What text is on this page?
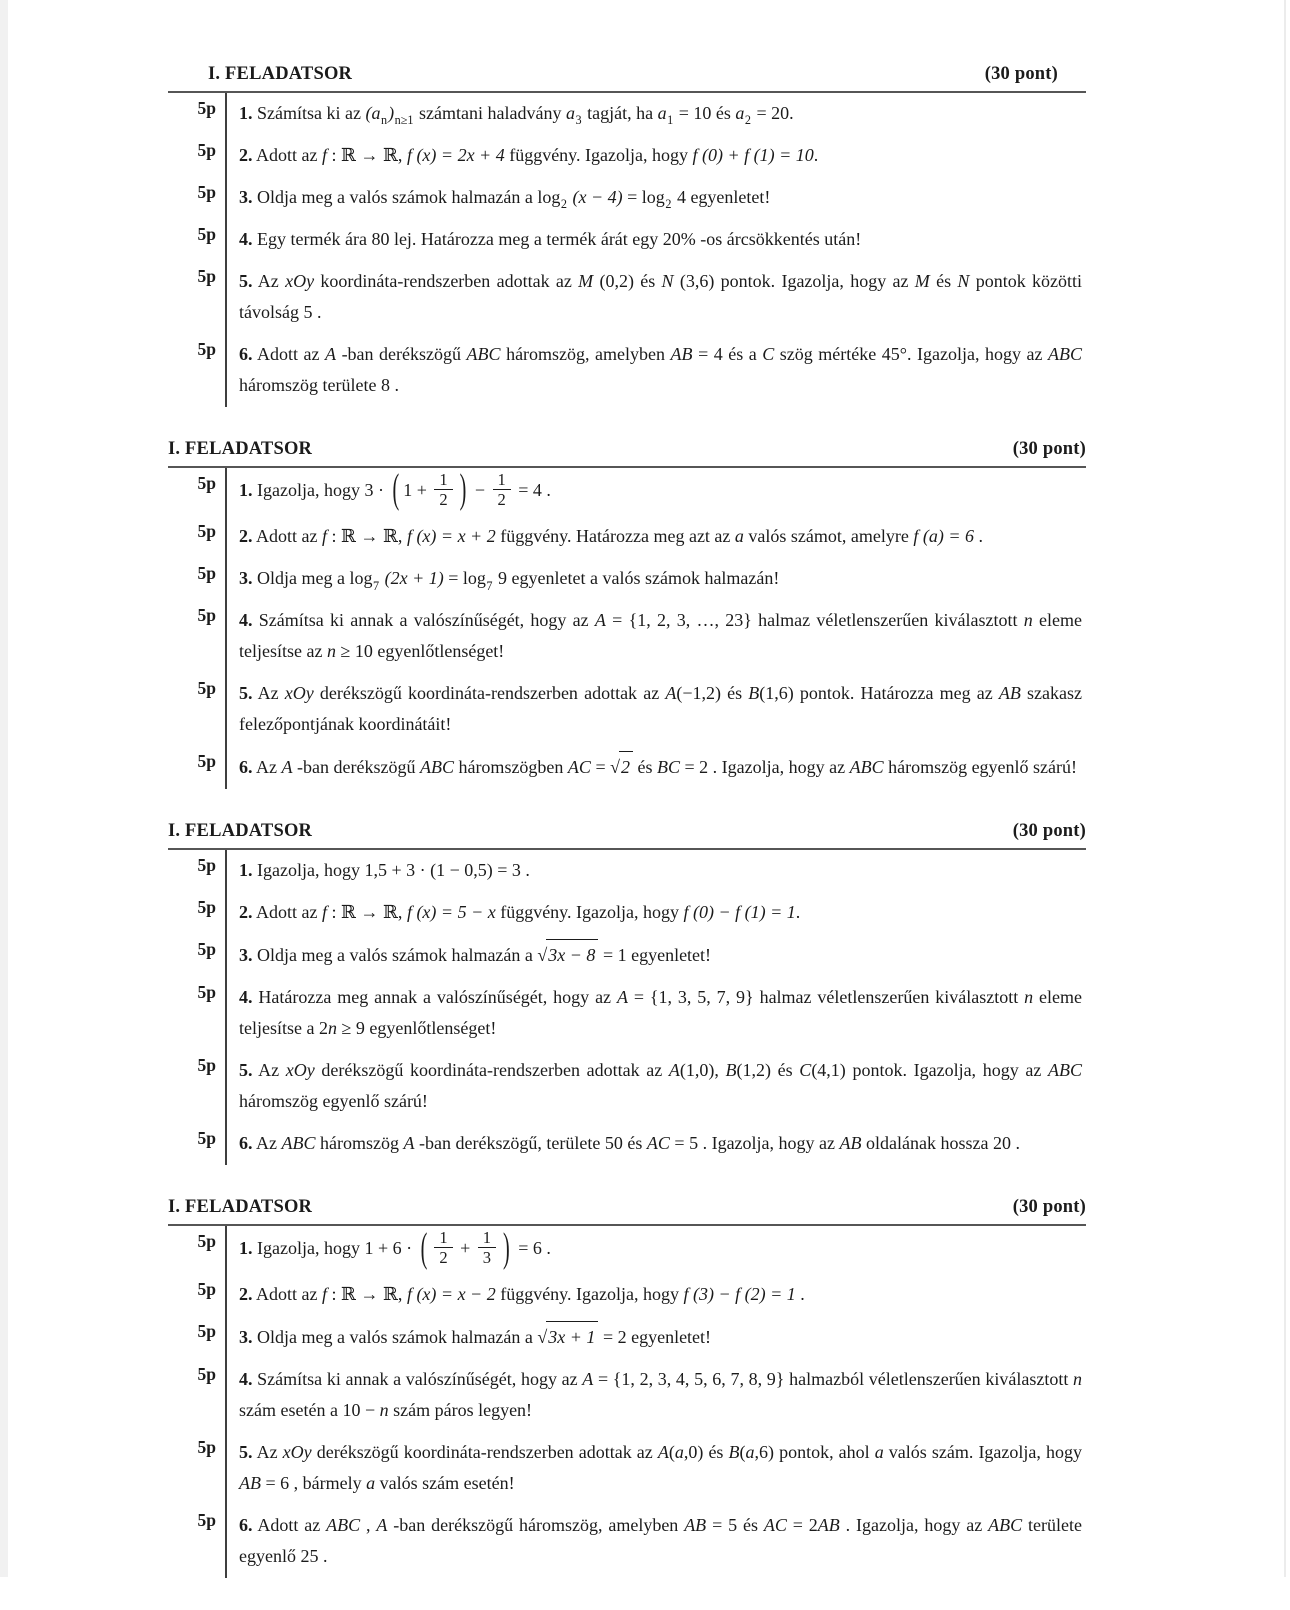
I. FELADATSOR	(30 pont)
5p	1. Számítsa ki az $(a_n)_{n\ge 1}$ számtani haladvány $a_3$ tagját, ha $a_1 = 10$ és $a_2 = 20$.
5p	2. Adott az f : ℝ → ℝ, f (x) = 2x + 4 függvény. Igazolja, hogy f (0) + f (1) = 10.
5p	3. Oldja meg a valós számok halmazán a $\log_2 (x - 4) = \log_2 4$ egyenletet!
5p	4. Egy termék ára 80 lej. Határozza meg a termék árát egy 20% -os árcsökkentés után!
5p	5. Az xOy koordináta-rendszerben adottak az M (0,2) és N (3,6) pontok. Igazolja, hogy az M és N pontok közötti távolság 5 .
5p	6. Adott az A -ban derékszögű ABC háromszög, amelyben AB = 4 és a C szög mértéke 45°. Igazolja, hogy az ABC háromszög területe 8 .
I. FELADATSOR	(30 pont)
5p	1. Igazolja, hogy 3 · ( $1 + \frac{1}{2}$ ) − $\frac{1}{2} = 4$ .
5p	2. Adott az f : ℝ → ℝ, f (x) = x + 2 függvény. Határozza meg azt az a valós számot, amelyre f (a) = 6 .
5p	3. Oldja meg a $\log_7 (2x + 1) = \log_7 9$ egyenletet a valós számok halmazán!
5p	4. Számítsa ki annak a valószínűségét, hogy az A = {1, 2, 3, …, 23} halmaz véletlenszerűen kiválasztott n eleme teljesítse az n ≥ 10 egyenlőtlenséget!
5p	5. Az xOy derékszögű koordináta-rendszerben adottak az A(−1,2) és B(1,6) pontok. Határozza meg az AB szakasz felezőpontjának koordinátáit!
5p	6. Az A -ban derékszögű ABC háromszögben AC = √2 és BC = 2 . Igazolja, hogy az ABC háromszög egyenlő szárú!
I. FELADATSOR	(30 pont)
5p	1. Igazolja, hogy 1,5 + 3 · (1 − 0,5) = 3 .
5p	2. Adott az f : ℝ → ℝ, f (x) = 5 − x függvény. Igazolja, hogy f (0) − f (1) = 1.
5p	3. Oldja meg a valós számok halmazán a √3x − 8 = 1 egyenletet!
5p	4. Határozza meg annak a valószínűségét, hogy az A = {1, 3, 5, 7, 9} halmaz véletlenszerűen kiválasztott n eleme teljesítse a 2n ≥ 9 egyenlőtlenséget!
5p	5. Az xOy derékszögű koordináta-rendszerben adottak az A(1,0), B(1,2) és C(4,1) pontok. Igazolja, hogy az ABC háromszög egyenlő szárú!
5p	6. Az ABC háromszög A -ban derékszögű, területe 50 és AC = 5 . Igazolja, hogy az AB oldalának hossza 20 .
I. FELADATSOR	(30 pont)
5p	1. Igazolja, hogy 1 + 6 · ( $\frac{1}{2} + \frac{1}{3}$ ) = 6 .
5p	2. Adott az f : ℝ → ℝ, f (x) = x − 2 függvény. Igazolja, hogy f (3) − f (2) = 1 .
5p	3. Oldja meg a valós számok halmazán a √3x + 1 = 2 egyenletet!
5p	4. Számítsa ki annak a valószínűségét, hogy az A = {1, 2, 3, 4, 5, 6, 7, 8, 9} halmazból véletlenszerűen kiválasztott n szám esetén a 10 − n szám páros legyen!
5p	5. Az xOy derékszögű koordináta-rendszerben adottak az A(a,0) és B(a,6) pontok, ahol a valós szám. Igazolja, hogy AB = 6 , bármely a valós szám esetén!
5p	6. Adott az ABC , A -ban derékszögű háromszög, amelyben AB = 5 és AC = 2AB . Igazolja, hogy az ABC területe egyenlő 25 .
